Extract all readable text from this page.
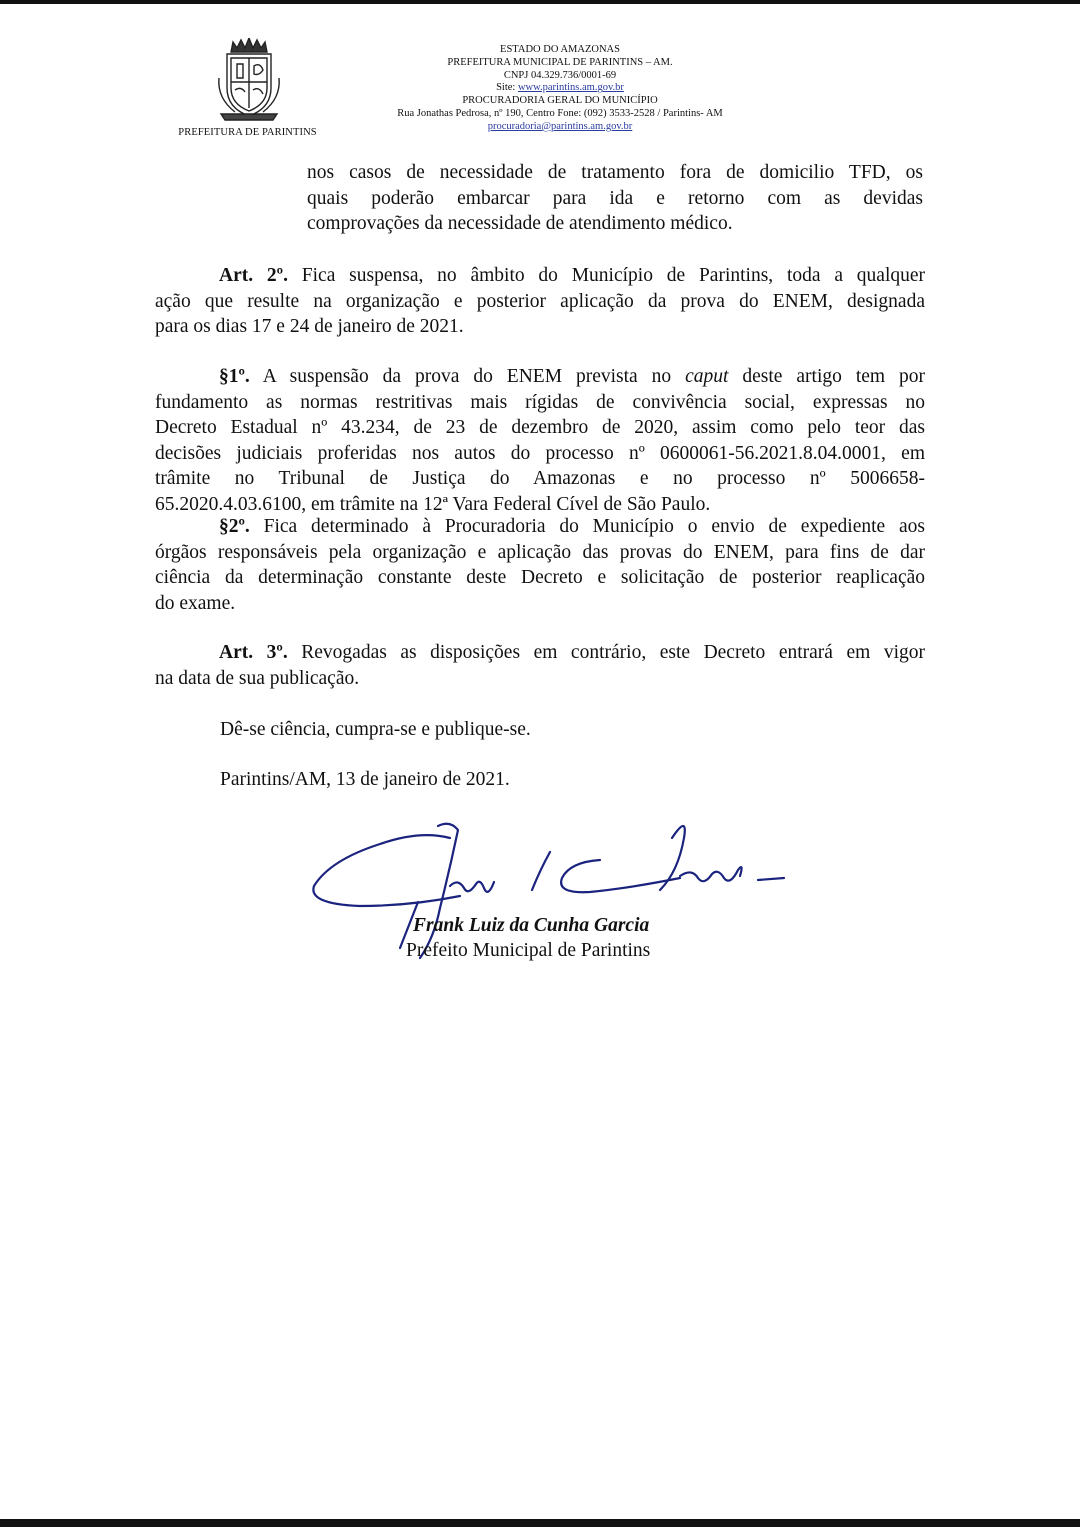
PREFEITURA DE PARINTINS
ESTADO DO AMAZONAS
PREFEITURA MUNICIPAL DE PARINTINS – AM.
CNPJ 04.329.736/0001-69
Site: www.parintins.am.gov.br
PROCURADORIA GERAL DO MUNICÍPIO
Rua Jonathas Pedrosa, nº 190, Centro Fone: (092) 3533-2528 / Parintins- AM
procuradoria@parintins.am.gov.br
nos casos de necessidade de tratamento fora de domicilio TFD, os
quais poderão embarcar para ida e retorno com as devidas
comprovações da necessidade de atendimento médico.
Art. 2º. Fica suspensa, no âmbito do Município de Parintins, toda a qualquer
ação que resulte na organização e posterior aplicação da prova do ENEM, designada
para os dias 17 e 24 de janeiro de 2021.
§1º. A suspensão da prova do ENEM prevista no caput deste artigo tem por
fundamento as normas restritivas mais rígidas de convivência social, expressas no
Decreto Estadual nº 43.234, de 23 de dezembro de 2020, assim como pelo teor das
decisões judiciais proferidas nos autos do processo nº 0600061-56.2021.8.04.0001, em
trâmite no Tribunal de Justiça do Amazonas e no processo nº 5006658-
65.2020.4.03.6100, em trâmite na 12ª Vara Federal Cível de São Paulo.
§2º. Fica determinado à Procuradoria do Município o envio de expediente aos
órgãos responsáveis pela organização e aplicação das provas do ENEM, para fins de dar
ciência da determinação constante deste Decreto e solicitação de posterior reaplicação
do exame.
Art. 3º. Revogadas as disposições em contrário, este Decreto entrará em vigor
na data de sua publicação.
Dê-se ciência, cumpra-se e publique-se.
Parintins/AM, 13 de janeiro de 2021.
Frank Luiz da Cunha Garcia
Prefeito Municipal de Parintins
